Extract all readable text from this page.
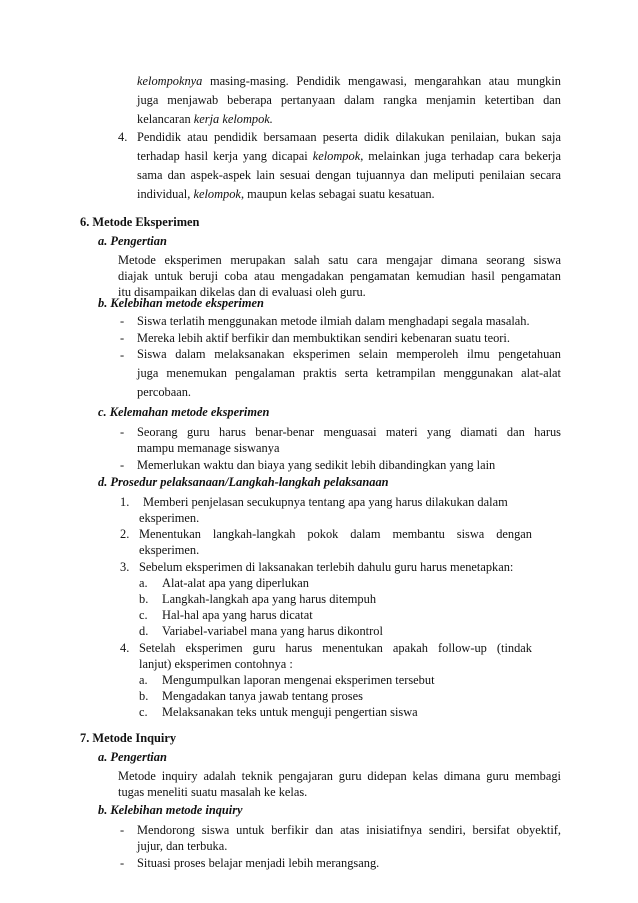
kelompoknya masing-masing. Pendidik mengawasi, mengarahkan atau mungkin
juga menjawab beberapa pertanyaan dalam rangka menjamin ketertiban dan
kelancaran kerja kelompok.
4. Pendidik atau pendidik bersamaan peserta didik dilakukan penilaian, bukan saja
terhadap hasil kerja yang dicapai kelompok, melainkan juga terhadap cara bekerja
sama dan aspek-aspek lain sesuai dengan tujuannya dan meliputi penilaian secara
individual, kelompok, maupun kelas sebagai suatu kesatuan.
6. Metode Eksperimen
a. Pengertian
Metode eksperimen merupakan salah satu cara mengajar dimana seorang siswa
diajak untuk beruji coba atau mengadakan pengamatan kemudian hasil pengamatan
itu disampaikan dikelas dan di evaluasi oleh guru.
b. Kelebihan metode eksperimen
- Siswa terlatih menggunakan metode ilmiah dalam menghadapi segala masalah.
- Mereka lebih aktif berfikir dan membuktikan sendiri kebenaran suatu teori.
- Siswa dalam melaksanakan eksperimen selain memperoleh ilmu pengetahuan
juga menemukan pengalaman praktis serta ketrampilan menggunakan alat-alat
percobaan.
c. Kelemahan metode eksperimen
- Seorang guru harus benar-benar menguasai materi yang diamati dan harus
mampu memanage siswanya
- Memerlukan waktu dan biaya yang sedikit lebih dibandingkan yang lain
d. Prosedur pelaksanaan/Langkah-langkah pelaksanaan
1. Memberi penjelasan secukupnya tentang apa yang harus dilakukan dalam
eksperimen.
2. Menentukan langkah-langkah pokok dalam membantu siswa dengan
eksperimen.
3. Sebelum eksperimen di laksanakan terlebih dahulu guru harus menetapkan:
a. Alat-alat apa yang diperlukan
b. Langkah-langkah apa yang harus ditempuh
c. Hal-hal apa yang harus dicatat
d. Variabel-variabel mana yang harus dikontrol
4. Setelah eksperimen guru harus menentukan apakah follow-up (tindak
lanjut) eksperimen contohnya :
a. Mengumpulkan laporan mengenai eksperimen tersebut
b. Mengadakan tanya jawab tentang proses
c. Melaksanakan teks untuk menguji pengertian siswa
7. Metode Inquiry
a. Pengertian
Metode inquiry adalah teknik pengajaran guru didepan kelas dimana guru membagi
tugas meneliti suatu masalah ke kelas.
b. Kelebihan metode inquiry
- Mendorong siswa untuk berfikir dan atas inisiatifnya sendiri, bersifat obyektif,
jujur, dan terbuka.
- Situasi proses belajar menjadi lebih merangsang.
